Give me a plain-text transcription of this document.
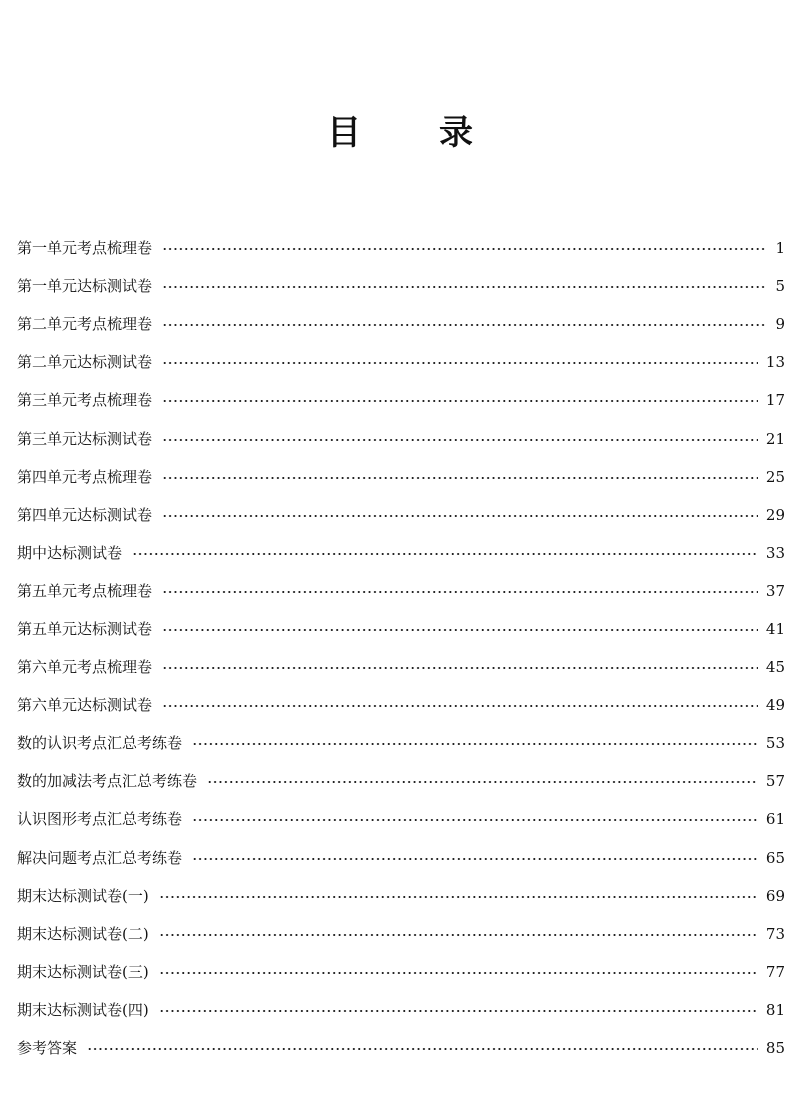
目 录
第一单元考点梳理卷	1
第一单元达标测试卷	5
第二单元考点梳理卷	9
第二单元达标测试卷	13
第三单元考点梳理卷	17
第三单元达标测试卷	21
第四单元考点梳理卷	25
第四单元达标测试卷	29
期中达标测试卷	33
第五单元考点梳理卷	37
第五单元达标测试卷	41
第六单元考点梳理卷	45
第六单元达标测试卷	49
数的认识考点汇总考练卷	53
数的加减法考点汇总考练卷	57
认识图形考点汇总考练卷	61
解决问题考点汇总考练卷	65
期末达标测试卷(一)	69
期末达标测试卷(二)	73
期末达标测试卷(三)	77
期末达标测试卷(四)	81
参考答案	85
